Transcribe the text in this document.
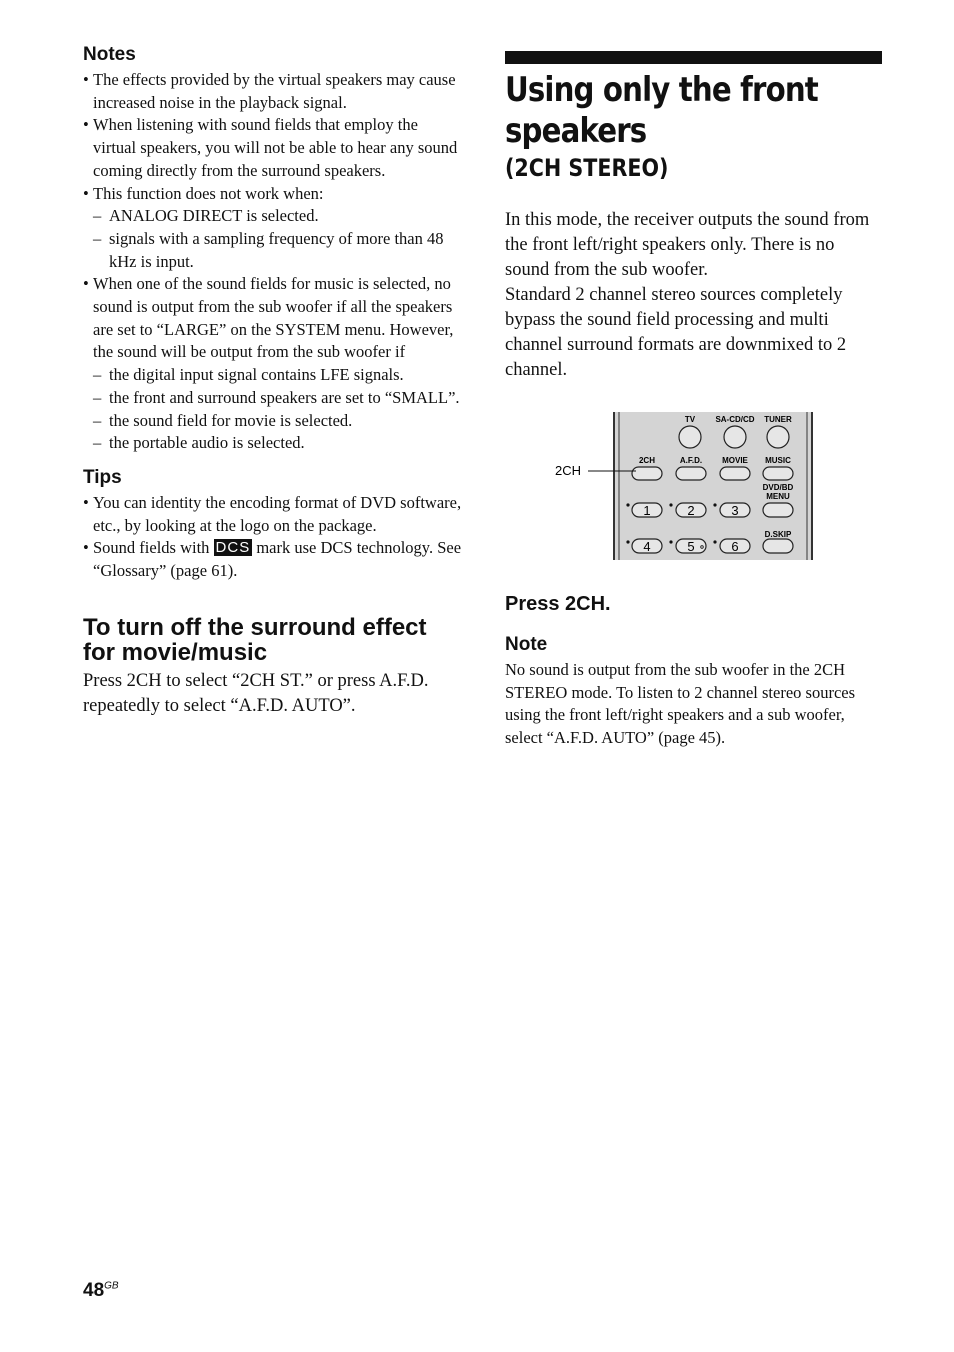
Notes
• The effects provided by the virtual speakers may cause increased noise in the playback signal.
• When listening with sound fields that employ the virtual speakers, you will not be able to hear any sound coming directly from the surround speakers.
• This function does not work when:
– ANALOG DIRECT is selected.
– signals with a sampling frequency of more than 48 kHz is input.
• When one of the sound fields for music is selected, no sound is output from the sub woofer if all the speakers are set to “LARGE” on the SYSTEM menu. However, the sound will be output from the sub woofer if
– the digital input signal contains LFE signals.
– the front and surround speakers are set to “SMALL”.
– the sound field for movie is selected.
– the portable audio is selected.
Tips
• You can identity the encoding format of DVD software, etc., by looking at the logo on the package.
• Sound fields with DCS mark use DCS technology. See “Glossary” (page 61).
To turn off the surround effect for movie/music

Press 2CH to select “2CH ST.” or press A.F.D. repeatedly to select “A.F.D. AUTO”.

Using only the front speakers
(2CH STEREO)

In this mode, the receiver outputs the sound from the front left/right speakers only. There is no sound from the sub woofer.

Standard 2 channel stereo sources completely bypass the sound field processing and multi channel surround formats are downmixed to 2 channel.

TV	SA-CD/CD TUNER
2CH	A.F.D. MOVIE MUSIC
2CH
DVD/BD
MENU
1	2	3
D.SKIP
4	5	6
Press 2CH.
Note

No sound is output from the sub woofer in the 2CH STEREO mode. To listen to 2 channel stereo sources using the front left/right speakers and a sub woofer, select “A.F.D. AUTO” (page 45).

$48^{GB}$
